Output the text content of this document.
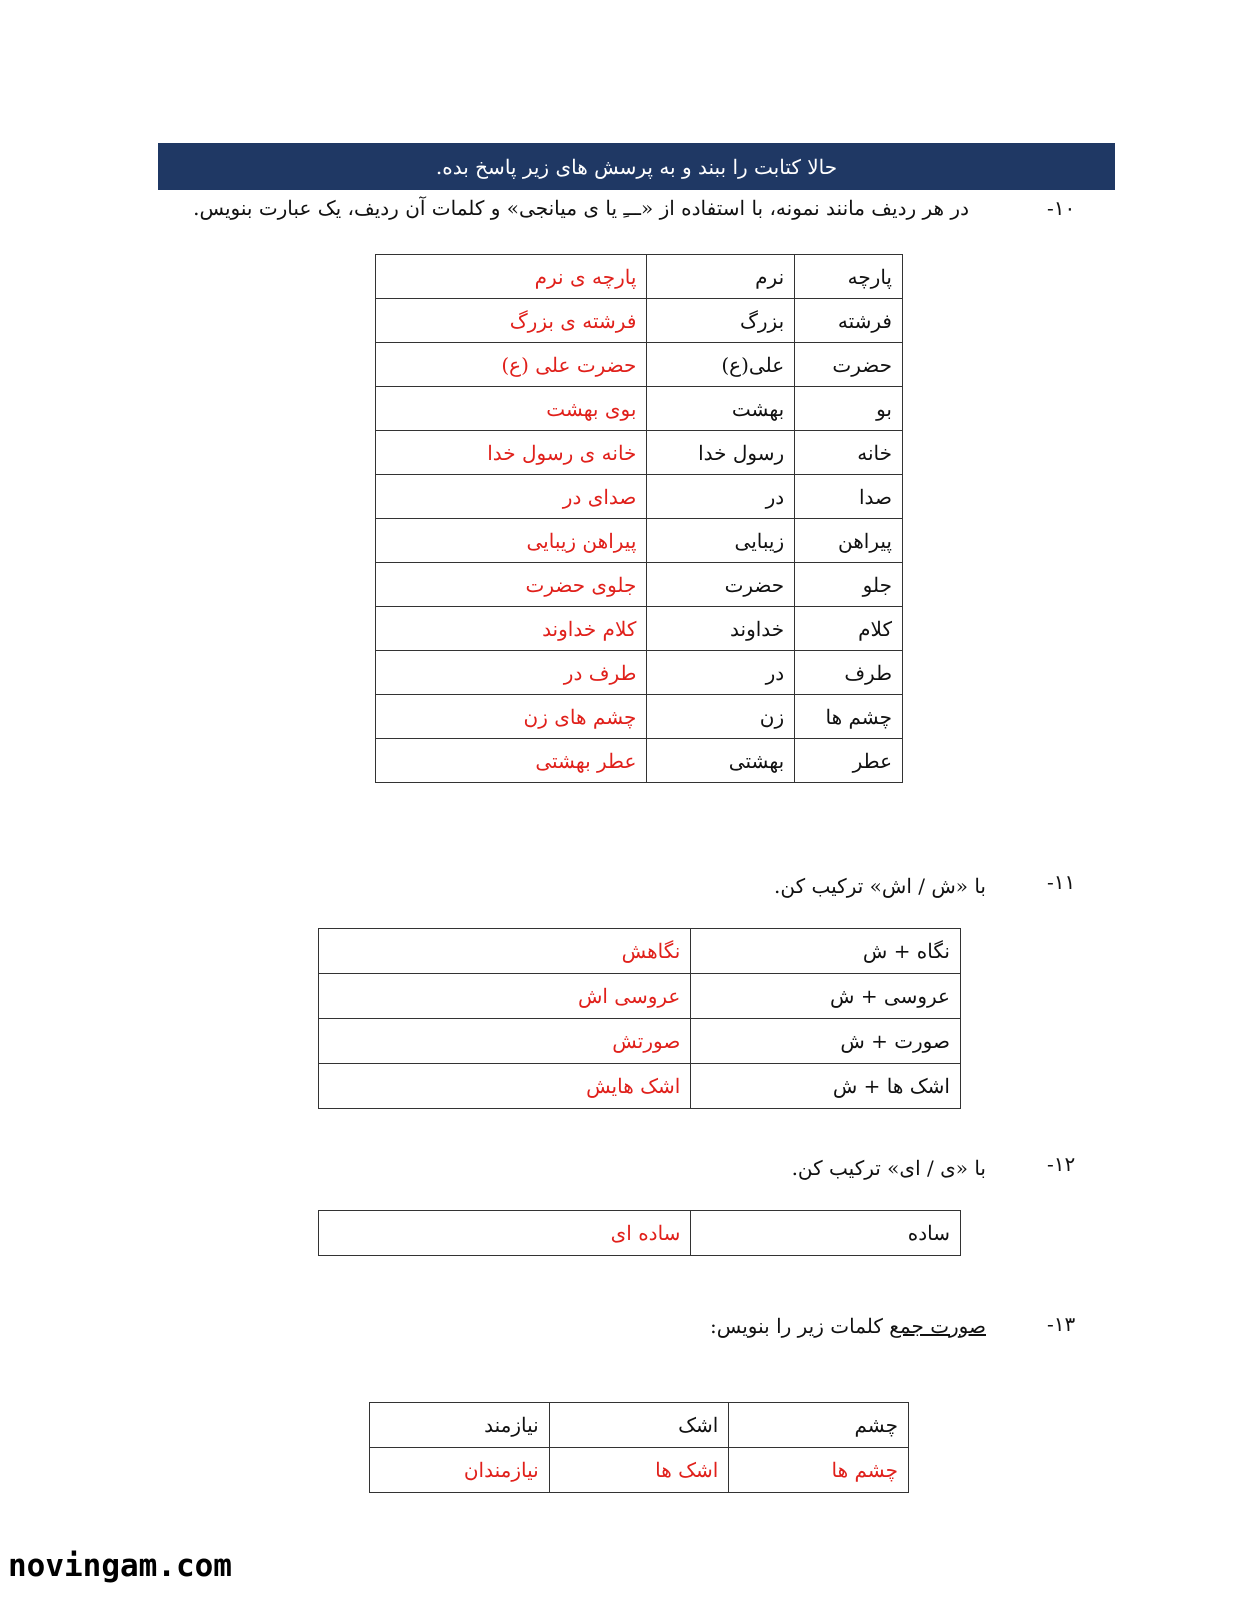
حالا کتابت را ببند و به پرسش های زیر پاسخ بده.
-۱۰
در هر ردیف مانند نمونه، با استفاده از «ـــِ یا ی میانجی» و کلمات آن ردیف، یک عبارت بنویس.
پارچه	نرم	پارچه ی نرم
فرشته	بزرگ	فرشته ی بزرگ
حضرت	علی(ع)	حضرت علی (ع)
بو	بهشت	بوی بهشت
خانه	رسول خدا	خانه ی رسول خدا
صدا	در	صدای در
پیراهن	زیبایی	پیراهن زیبایی
جلو	حضرت	جلوی حضرت
کلام	خداوند	کلام خداوند
طرف	در	طرف در
چشم ها	زن	چشم های زن
عطر	بهشتی	عطر بهشتی
-۱۱
با «ش / اش» ترکیب کن.
نگاه + ش	نگاهش
عروسی + ش	عروسی اش
صورت + ش	صورتش
اشک ها + ش	اشک هایش
-۱۲
با «ی / ای» ترکیب کن.
ساده	ساده ای
-۱۳
صورت جمع کلمات زیر را بنویس:
چشم	اشک	نیازمند
چشم ها	اشک ها	نیازمندان
novingam.com
